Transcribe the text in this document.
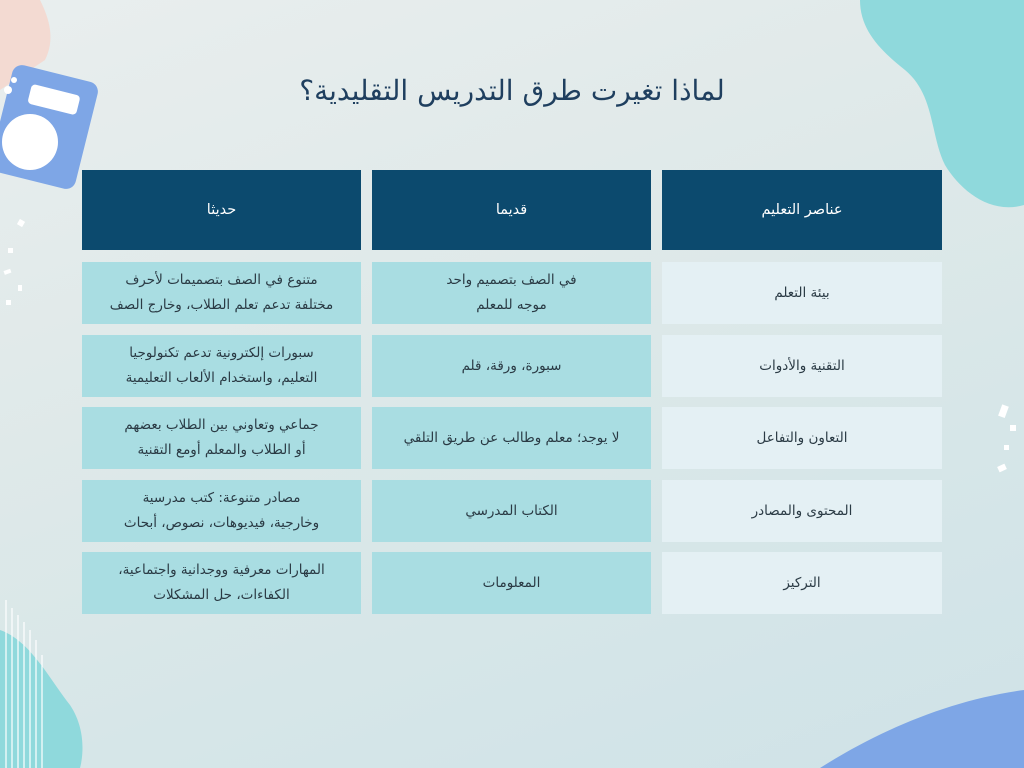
لماذا تغيرت طرق التدريس التقليدية؟
عناصر التعليم
قديما
حديثا
بيئة التعلم
في الصف بتصميم واحد
موجه للمعلم
متنوع في الصف بتصميمات لأحرف
مختلفة تدعم تعلم الطلاب، وخارج الصف
التقنية والأدوات
سبورة، ورقة، قلم
سبورات إلكترونية تدعم تكنولوجيا
التعليم، واستخدام الألعاب التعليمية
التعاون والتفاعل
لا يوجد؛ معلم وطالب عن طريق التلقي
جماعي وتعاوني بين الطلاب بعضهم
أو الطلاب والمعلم أومع التقنية
المحتوى والمصادر
الكتاب المدرسي
مصادر متنوعة: كتب مدرسية
وخارجية، فيديوهات، نصوص، أبحاث
التركيز
المعلومات
المهارات معرفية ووجدانية واجتماعية،
الكفاءات، حل المشكلات
